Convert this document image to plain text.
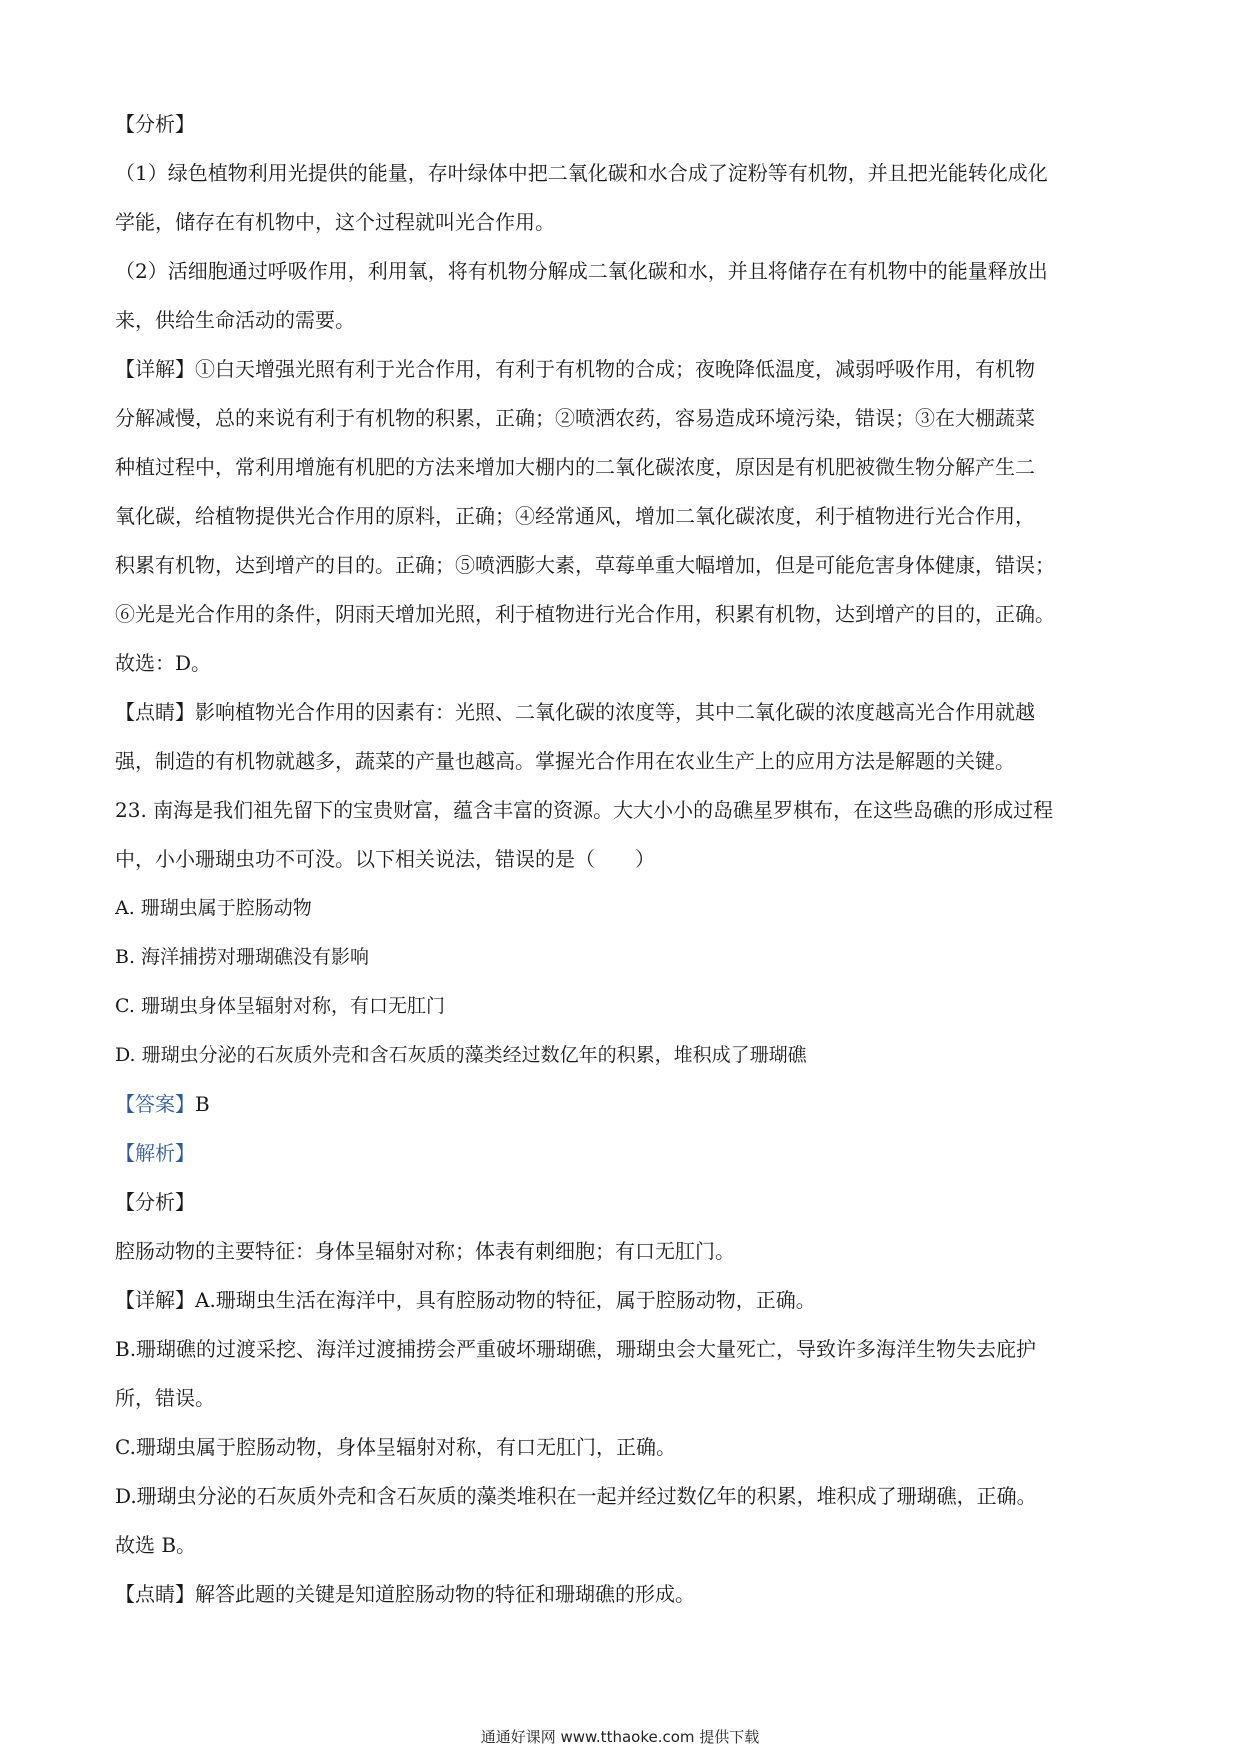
【分析】
（1）绿色植物利用光提供的能量，存叶绿体中把二氧化碳和水合成了淀粉等有机物，并且把光能转化成化
学能，储存在有机物中，这个过程就叫光合作用。
（2）活细胞通过呼吸作用，利用氧，将有机物分解成二氧化碳和水，并且将储存在有机物中的能量释放出
来，供给生命活动的需要。
【详解】①白天增强光照有利于光合作用，有利于有机物的合成；夜晚降低温度，减弱呼吸作用，有机物
分解减慢，总的来说有利于有机物的积累，正确；②喷洒农药，容易造成环境污染，错误；③在大棚蔬菜
种植过程中，常利用增施有机肥的方法来增加大棚内的二氧化碳浓度，原因是有机肥被微生物分解产生二
氧化碳，给植物提供光合作用的原料，正确；④经常通风，增加二氧化碳浓度，利于植物进行光合作用，
积累有机物，达到增产的目的。正确；⑤喷洒膨大素，草莓单重大幅增加，但是可能危害身体健康，错误；
⑥光是光合作用的条件，阴雨天增加光照，利于植物进行光合作用，积累有机物，达到增产的目的，正确。
故选：D。
【点睛】影响植物光合作用的因素有：光照、二氧化碳的浓度等，其中二氧化碳的浓度越高光合作用就越
强，制造的有机物就越多，蔬菜的产量也越高。掌握光合作用在农业生产上的应用方法是解题的关键。
23. 南海是我们祖先留下的宝贵财富，蕴含丰富的资源。大大小小的岛礁星罗棋布，在这些岛礁的形成过程
中，小小珊瑚虫功不可没。以下相关说法，错误的是（　　）
A. 珊瑚虫属于腔肠动物
B. 海洋捕捞对珊瑚礁没有影响
C. 珊瑚虫身体呈辐射对称，有口无肛门
D. 珊瑚虫分泌的石灰质外壳和含石灰质的藻类经过数亿年的积累，堆积成了珊瑚礁
【答案】B
【解析】
【分析】
腔肠动物的主要特征：身体呈辐射对称；体表有刺细胞；有口无肛门。
【详解】A.珊瑚虫生活在海洋中，具有腔肠动物的特征，属于腔肠动物，正确。
B.珊瑚礁的过渡采挖、海洋过渡捕捞会严重破坏珊瑚礁，珊瑚虫会大量死亡，导致许多海洋生物失去庇护
所，错误。
C.珊瑚虫属于腔肠动物，身体呈辐射对称，有口无肛门，正确。
D.珊瑚虫分泌的石灰质外壳和含石灰质的藻类堆积在一起并经过数亿年的积累，堆积成了珊瑚礁，正确。
故选 B。
【点睛】解答此题的关键是知道腔肠动物的特征和珊瑚礁的形成。
通通好课网 www.tthaoke.com 提供下载
